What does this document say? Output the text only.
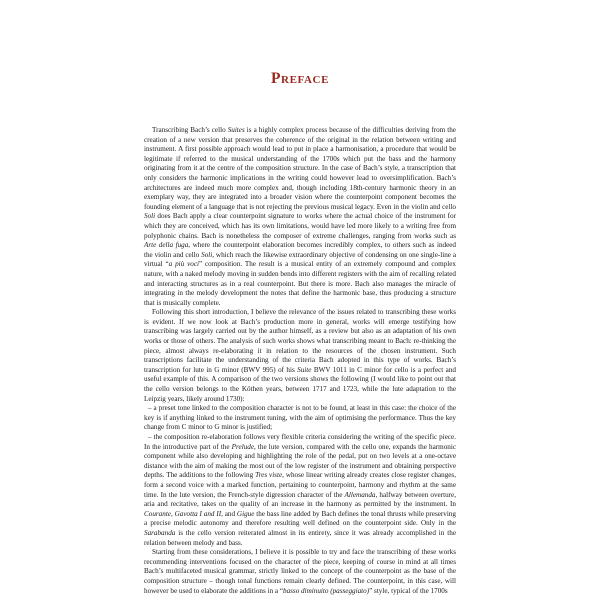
Preface

Transcribing Bach’s cello Suites is a highly complex process because of the difficulties deriving from the creation of a new version that preserves the coherence of the original in the relation between writing and instrument. A first possible approach would lead to put in place a harmonisation, a procedure that would be legitimate if referred to the musical understanding of the 1700s which put the bass and the harmony originating from it at the centre of the composition structure. In the case of Bach’s style, a transcription that only considers the harmonic implications in the writing could however lead to oversimplification. Bach’s architectures are indeed much more complex and, though including 18th-century harmonic theory in an exemplary way, they are integrated into a broader vision where the counterpoint component becomes the founding element of a language that is not rejecting the previous musical legacy. Even in the violin and cello Soli does Bach apply a clear counterpoint signature to works where the actual choice of the instrument for which they are conceived, which has its own limitations, would have led more likely to a writing free from polyphonic chains. Bach is nonetheless the composer of extreme challenges, ranging from works such as Arte della fuga, where the counterpoint elaboration becomes incredibly complex, to others such as indeed the violin and cello Soli, which reach the likewise extraordinary objective of condensing on one single-line a virtual “a più voci” composition. The result is a musical entity of an extremely compound and complex nature, with a naked melody moving in sudden bends into different registers with the aim of recalling related and interacting structures as in a real counterpoint. But there is more. Bach also manages the miracle of integrating in the melody development the notes that define the harmonic base, thus producing a structure that is musically complete.

Following this short introduction, I believe the relevance of the issues related to transcribing these works is evident. If we now look at Bach’s production more in general, works will emerge testifying how transcribing was largely carried out by the author himself, as a review but also as an adaptation of his own works or those of others. The analysis of such works shows what transcribing meant to Bach: re-thinking the piece, almost always re-elaborating it in relation to the resources of the chosen instrument. Such transcriptions facilitate the understanding of the criteria Bach adopted in this type of works. Bach’s transcription for lute in G minor (BWV 995) of his Suite BWV 1011 in C minor for cello is a perfect and useful example of this. A comparison of the two versions shows the following (I would like to point out that the cello version belongs to the Köthen years, between 1717 and 1723, while the lute adaptation to the Leipzig years, likely around 1730):

– a preset tone linked to the composition character is not to be found, at least in this case: the choice of the key is if anything linked to the instrument tuning, with the aim of optimising the performance. Thus the key change from C minor to G minor is justified;

– the composition re-elaboration follows very flexible criteria considering the writing of the specific piece. In the introductive part of the Prelude, the lute version, compared with the cello one, expands the harmonic component while also developing and highlighting the role of the pedal, put on two levels at a one-octave distance with the aim of making the most out of the low register of the instrument and obtaining perspective depths. The additions to the following Tres viste, whose linear writing already creates close register changes, form a second voice with a marked function, pertaining to counterpoint, harmony and rhythm at the same time. In the lute version, the French-style digression character of the Allemanda, halfway between overture, aria and recitative, takes on the quality of an increase in the harmony as permitted by the instrument. In Courante, Gavotta I and II, and Gigue the bass line added by Bach defines the tonal thrusts while preserving a precise melodic autonomy and therefore resulting well defined on the counterpoint side. Only in the Sarabanda is the cello version reiterated almost in its entirety, since it was already accomplished in the relation between melody and bass.

Starting from these considerations, I believe it is possible to try and face the transcribing of these works recommending interventions focused on the character of the piece, keeping of course in mind at all times Bach’s multifaceted musical grammar, strictly linked to the concept of the counterpoint as the base of the composition structure – though tonal functions remain clearly defined. The counterpoint, in this case, will however be used to elaborate the additions in a “basso diminuito (passeggiato)” style, typical of the 1700s
